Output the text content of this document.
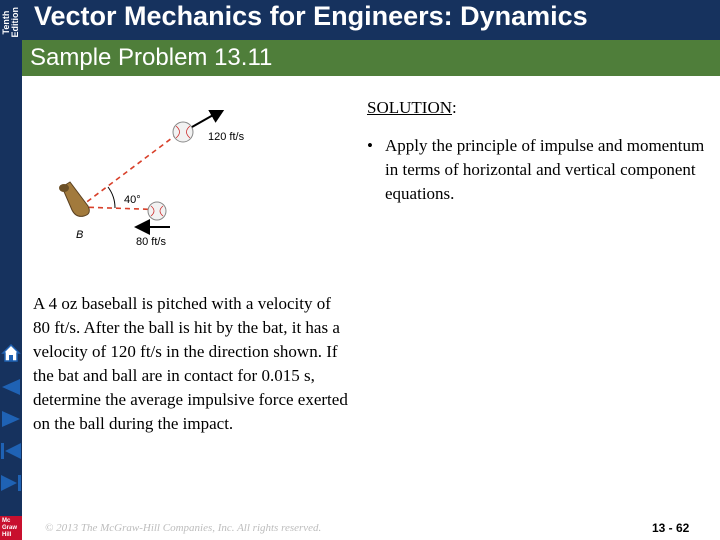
Tenth
Edition Vector Mechanics for Engineers: Dynamics
Sample Problem 13.11
120 ft/s
80 ft/s
40°
B
SOLUTION:
• Apply the principle of impulse and momentum in terms of horizontal and vertical component equations.
A 4 oz baseball is pitched with a velocity of 80 ft/s. After the ball is hit by the bat, it has a velocity of 120 ft/s in the direction shown. If the bat and ball are in contact for 0.015 s, determine the average impulsive force exerted on the ball during the impact.
Mc
Graw
Hill
© 2013 The McGraw-Hill Companies, Inc. All rights reserved.	13 - 62
